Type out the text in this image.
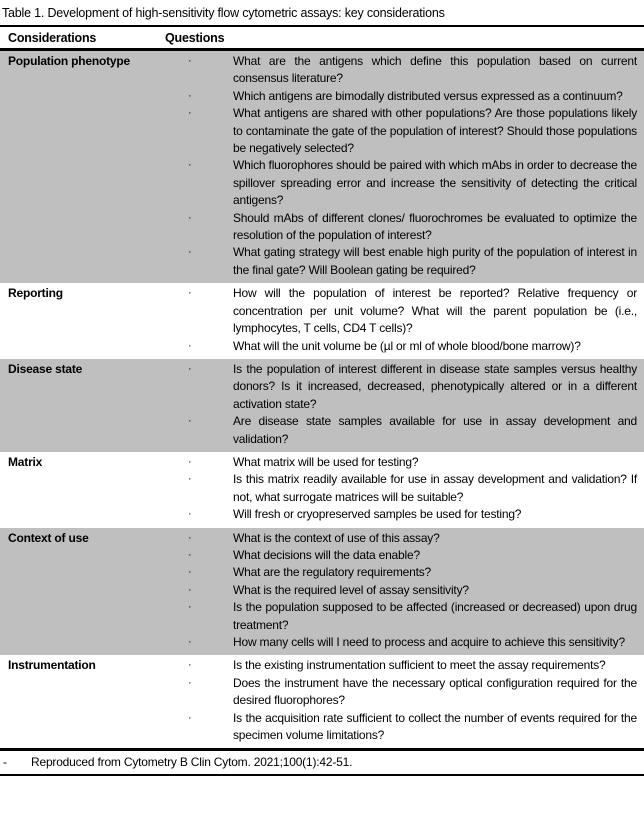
Table 1. Development of high-sensitivity flow cytometric assays: key considerations
Considerations	Questions
Population phenotype	·	What are the antigens which define this population based on current consensus literature?
·	Which antigens are bimodally distributed versus expressed as a continuum?
·	What antigens are shared with other populations? Are those populations likely to contaminate the gate of the population of interest? Should those populations be negatively selected?
·	Which fluorophores should be paired with which mAbs in order to decrease the spillover spreading error and increase the sensitivity of detecting the critical antigens?
·	Should mAbs of different clones/ fluorochromes be evaluated to optimize the resolution of the population of interest?
·	What gating strategy will best enable high purity of the population of interest in the final gate? Will Boolean gating be required?
Reporting	·	How will the population of interest be reported? Relative frequency or concentration per unit volume? What will the parent population be (i.e., lymphocytes, T cells, CD4 T cells)?
·	What will the unit volume be (µl or ml of whole blood/bone marrow)?
Disease state	·	Is the population of interest different in disease state samples versus healthy donors? Is it increased, decreased, phenotypically altered or in a different activation state?
·	Are disease state samples available for use in assay development and validation?
Matrix	·	What matrix will be used for testing?
·	Is this matrix readily available for use in assay development and validation? If not, what surrogate matrices will be suitable?
·	Will fresh or cryopreserved samples be used for testing?
Context of use	·	What is the context of use of this assay?
·	What decisions will the data enable?
·	What are the regulatory requirements?
·	What is the required level of assay sensitivity?
·	Is the population supposed to be affected (increased or decreased) upon drug treatment?
·	How many cells will I need to process and acquire to achieve this sensitivity?
Instrumentation	·	Is the existing instrumentation sufficient to meet the assay requirements?
·	Does the instrument have the necessary optical configuration required for the desired fluorophores?
·	Is the acquisition rate sufficient to collect the number of events required for the specimen volume limitations?
-	Reproduced from Cytometry B Clin Cytom. 2021;100(1):42-51.
